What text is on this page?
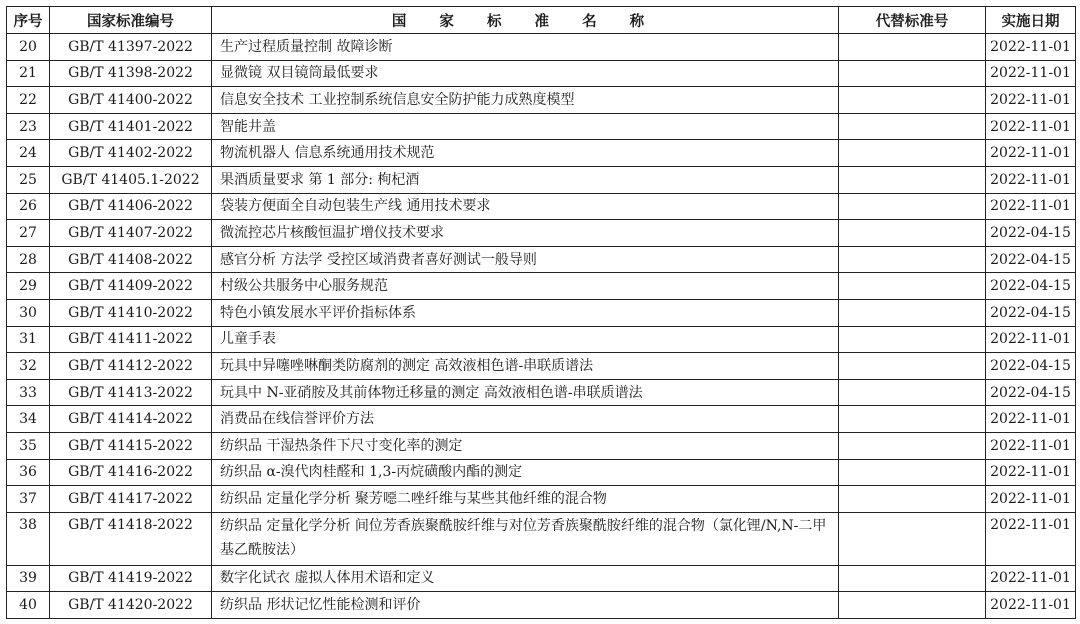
序号	国家标准编号	国 家 标 准 名 称	代替标准号	实施日期
20	GB/T 41397-2022	生产过程质量控制 故障诊断		2022-11-01
21	GB/T 41398-2022	显微镜 双目镜筒最低要求		2022-11-01
22	GB/T 41400-2022	信息安全技术 工业控制系统信息安全防护能力成熟度模型		2022-11-01
23	GB/T 41401-2022	智能井盖		2022-11-01
24	GB/T 41402-2022	物流机器人 信息系统通用技术规范		2022-11-01
25	GB/T 41405.1-2022	果酒质量要求 第 1 部分: 枸杞酒		2022-11-01
26	GB/T 41406-2022	袋装方便面全自动包装生产线 通用技术要求		2022-11-01
27	GB/T 41407-2022	微流控芯片核酸恒温扩增仪技术要求		2022-04-15
28	GB/T 41408-2022	感官分析 方法学 受控区域消费者喜好测试一般导则		2022-04-15
29	GB/T 41409-2022	村级公共服务中心服务规范		2022-04-15
30	GB/T 41410-2022	特色小镇发展水平评价指标体系		2022-04-15
31	GB/T 41411-2022	儿童手表		2022-11-01
32	GB/T 41412-2022	玩具中异噻唑啉酮类防腐剂的测定 高效液相色谱-串联质谱法		2022-04-15
33	GB/T 41413-2022	玩具中 N-亚硝胺及其前体物迁移量的测定 高效液相色谱-串联质谱法		2022-04-15
34	GB/T 41414-2022	消费品在线信誉评价方法		2022-11-01
35	GB/T 41415-2022	纺织品 干湿热条件下尺寸变化率的测定		2022-11-01
36	GB/T 41416-2022	纺织品 α-溴代肉桂醛和 1,3-丙烷磺酸内酯的测定		2022-11-01
37	GB/T 41417-2022	纺织品 定量化学分析 聚芳噁二唑纤维与某些其他纤维的混合物		2022-11-01
38	GB/T 41418-2022	纺织品 定量化学分析 间位芳香族聚酰胺纤维与对位芳香族聚酰胺纤维的混合物（氯化锂/N,N-二甲基乙酰胺法）		2022-11-01
39	GB/T 41419-2022	数字化试衣 虚拟人体用术语和定义		2022-11-01
40	GB/T 41420-2022	纺织品 形状记忆性能检测和评价		2022-11-01
